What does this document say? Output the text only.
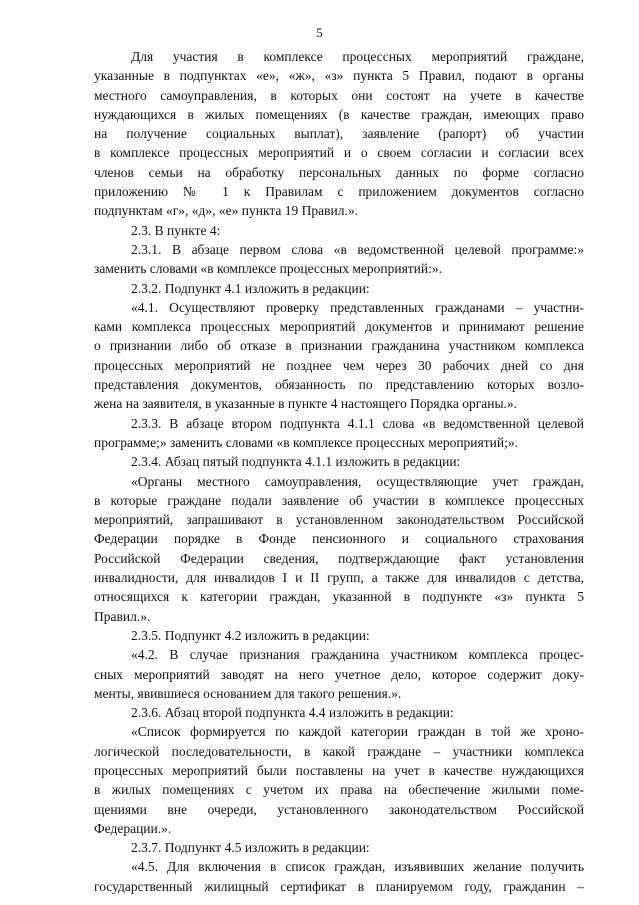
5
Для участия в комплексе процессных мероприятий граждане,
указанные в подпунктах «е», «ж», «з» пункта 5 Правил, подают в органы
местного самоуправления, в которых они состоят на учете в качестве
нуждающихся в жилых помещениях (в качестве граждан, имеющих право
на получение социальных выплат), заявление (рапорт) об участии
в комплексе процессных мероприятий и о своем согласии и согласии всех
членов семьи на обработку персональных данных по форме согласно
приложению № 1 к Правилам с приложением документов согласно
подпунктам «г», «д», «е» пункта 19 Правил.».
2.3. В пункте 4:
2.3.1. В абзаце первом слова «в ведомственной целевой программе:»
заменить словами «в комплексе процессных мероприятий:».
2.3.2. Подпункт 4.1 изложить в редакции:
«4.1. Осуществляют проверку представленных гражданами – участни-
ками комплекса процессных мероприятий документов и принимают решение
о признании либо об отказе в признании гражданина участником комплекса
процессных мероприятий не позднее чем через 30 рабочих дней со дня
представления документов, обязанность по представлению которых возло-
жена на заявителя, в указанные в пункте 4 настоящего Порядка органы.».
2.3.3. В абзаце втором подпункта 4.1.1 слова «в ведомственной целевой
программе;» заменить словами «в комплексе процессных мероприятий;».
2.3.4. Абзац пятый подпункта 4.1.1 изложить в редакции:
«Органы местного самоуправления, осуществляющие учет граждан,
в которые граждане подали заявление об участии в комплексе процессных
мероприятий, запрашивают в установленном законодательством Российской
Федерации порядке в Фонде пенсионного и социального страхования
Российской Федерации сведения, подтверждающие факт установления
инвалидности, для инвалидов I и II групп, а также для инвалидов с детства,
относящихся к категории граждан, указанной в подпункте «з» пункта 5
Правил.».
2.3.5. Подпункт 4.2 изложить в редакции:
«4.2. В случае признания гражданина участником комплекса процес-
сных мероприятий заводят на него учетное дело, которое содержит доку-
менты, явившиеся основанием для такого решения.».
2.3.6. Абзац второй подпункта 4.4 изложить в редакции:
«Список формируется по каждой категории граждан в той же хроно-
логической последовательности, в какой граждане – участники комплекса
процессных мероприятий были поставлены на учет в качестве нуждающихся
в жилых помещениях с учетом их права на обеспечение жилыми поме-
щениями вне очереди, установленного законодательством Российской
Федерации.».
2.3.7. Подпункт 4.5 изложить в редакции:
«4.5. Для включения в список граждан, изъявивших желание получить
государственный жилищный сертификат в планируемом году, гражданин –
